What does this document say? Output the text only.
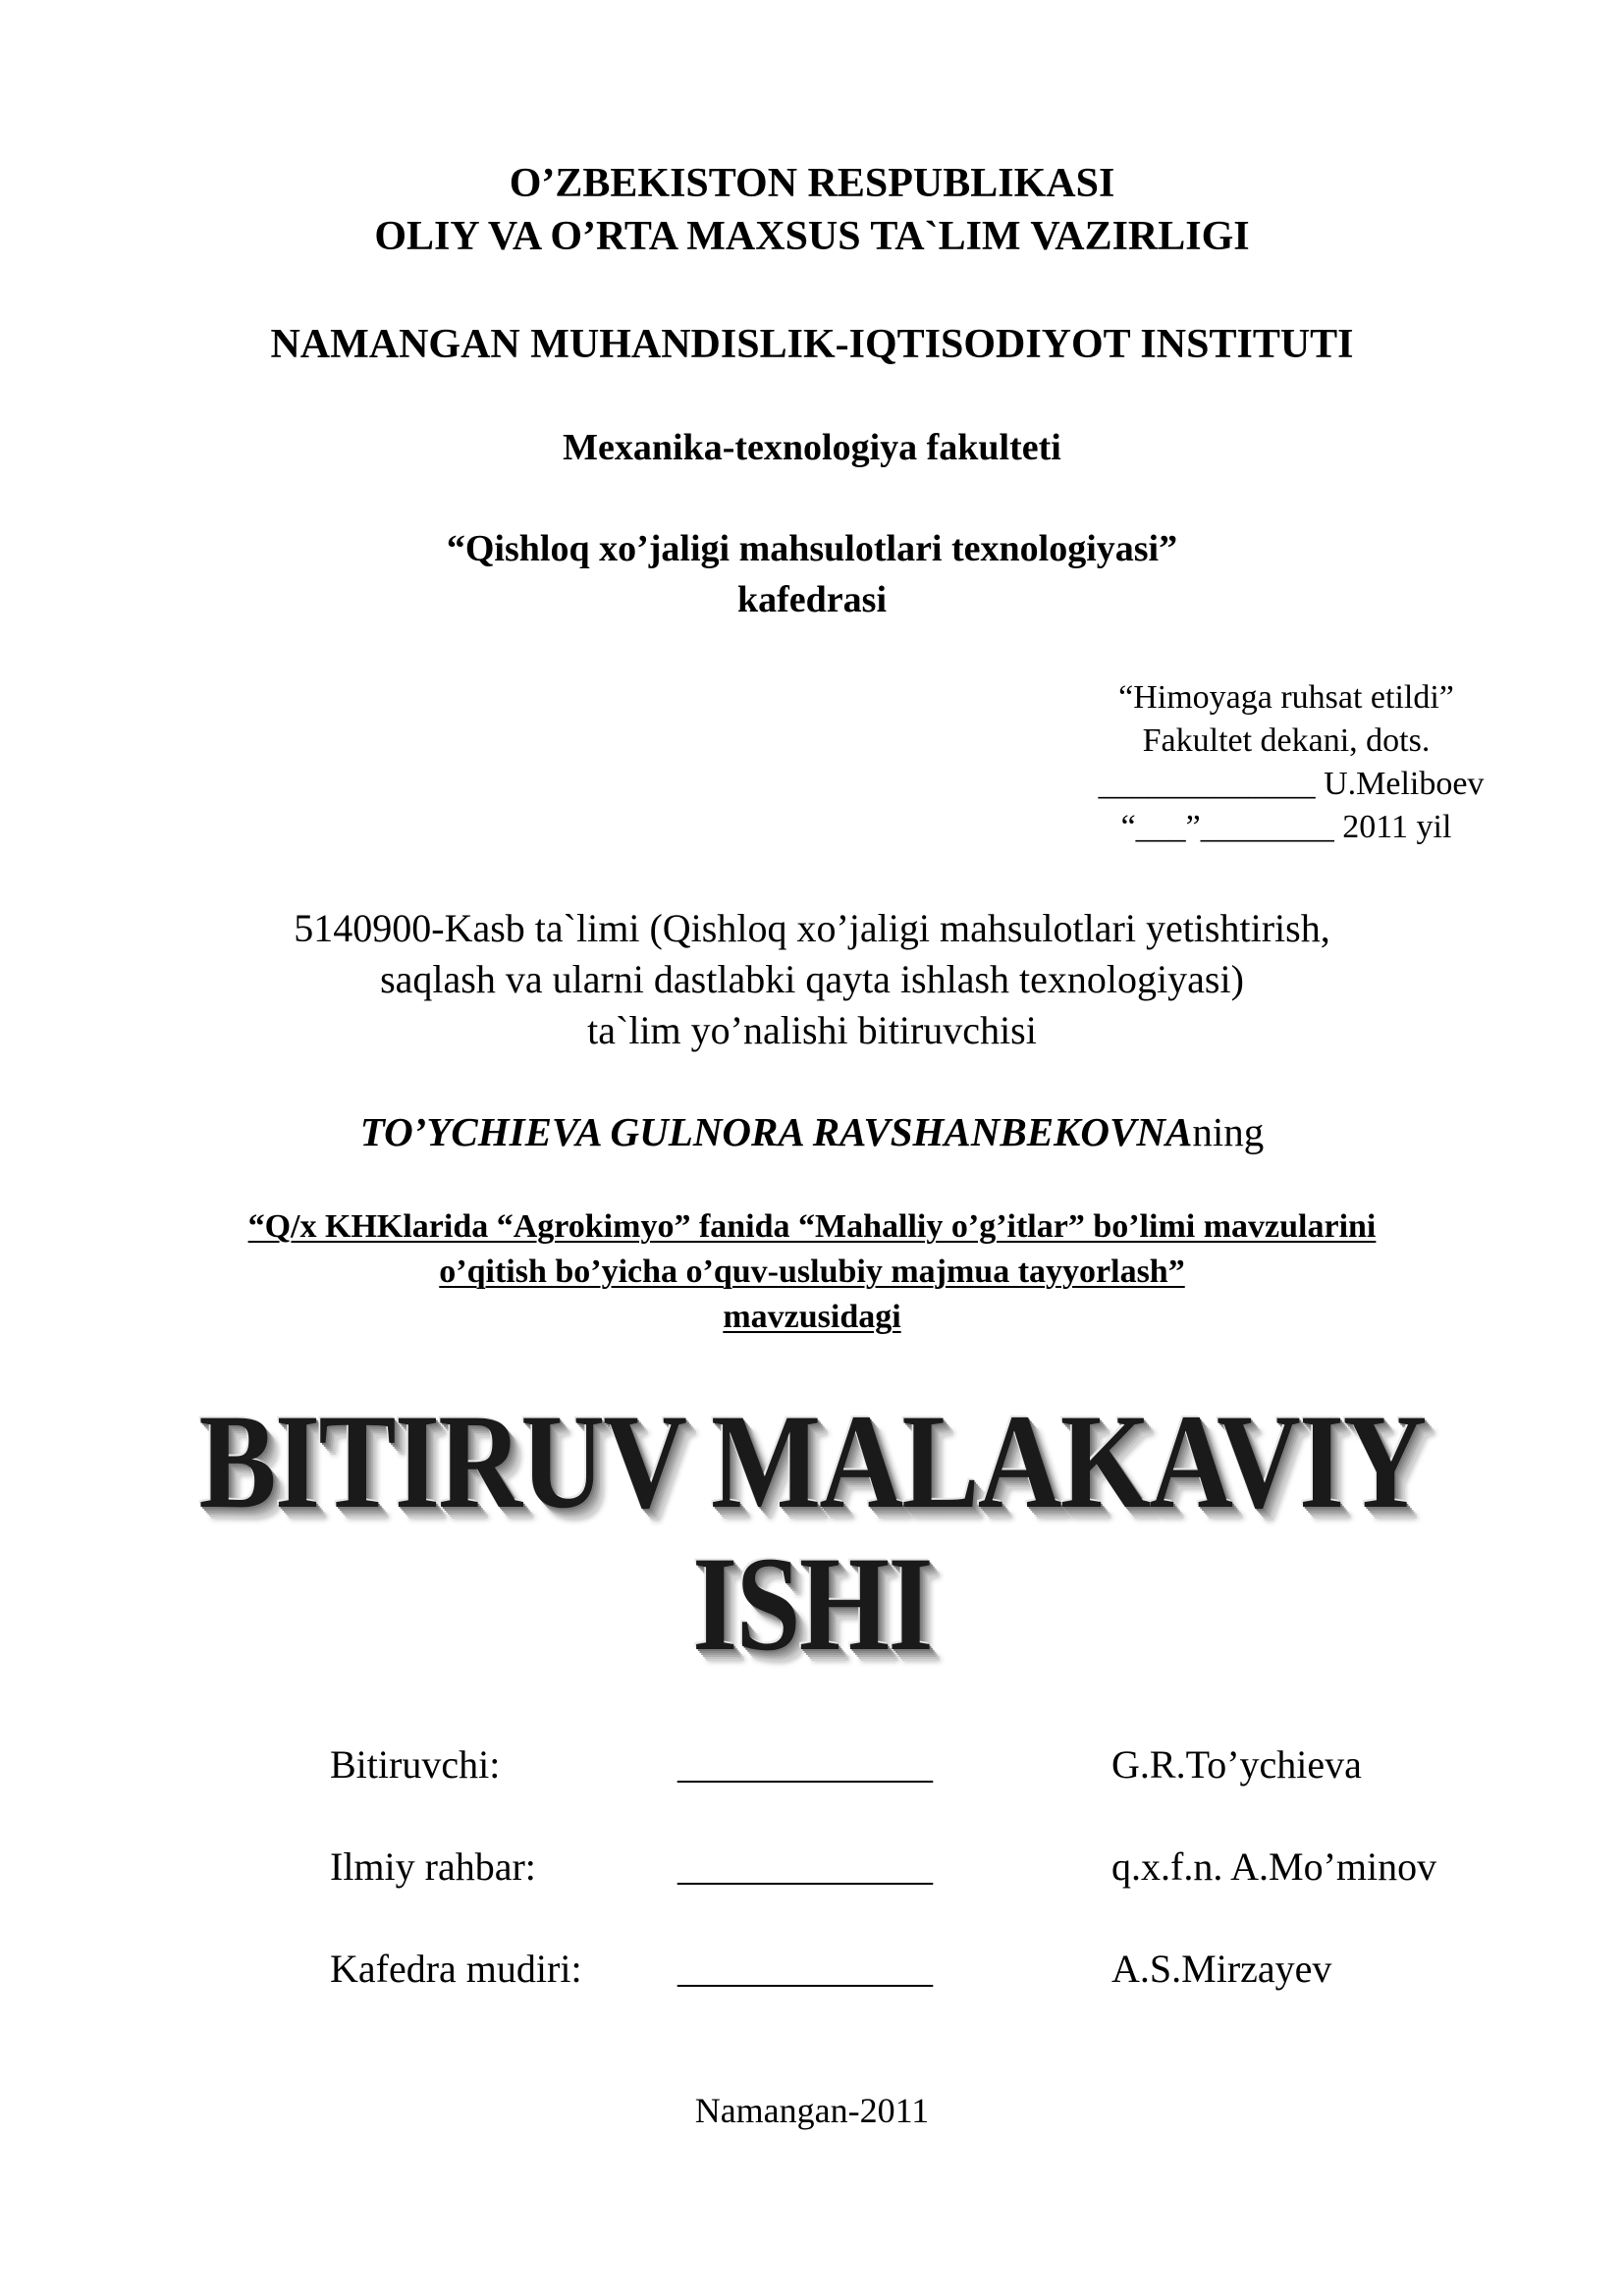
O’ZBEKISTON RESPUBLIKASI
OLIY VA O’RTA MAXSUS TA`LIM VAZIRLIGI
NAMANGAN MUHANDISLIK-IQTISODIYOT INSTITUTI
Mexanika-texnologiya fakulteti
“Qishloq xo’jaligi mahsulotlari texnologiyasi”
kafedrasi
“Himoyaga ruhsat etildi”
Fakultet dekani, dots.
_____________ U.Meliboev
“___”________ 2011 yil
5140900-Kasb ta`limi (Qishloq xo’jaligi mahsulotlari yetishtirish,
saqlash va ularni dastlabki qayta ishlash texnologiyasi)
ta`lim yo’nalishi bitiruvchisi
TO’YCHIEVA GULNORA RAVSHANBEKOVNAning
“Q/x KHKlarida “Agrokimyo” fanida “Mahalliy o’g’itlar” bo’limi mavzularini
o’qitish bo’yicha o’quv-uslubiy majmua tayyorlash”
mavzusidagi
BITIRUV MALAKAVIY
ISHI
Bitiruvchi:	_____________	G.R.To’ychieva
Ilmiy rahbar:	_____________	q.x.f.n. A.Mo’minov
Kafedra mudiri: _____________	A.S.Mirzayev
Namangan-2011
